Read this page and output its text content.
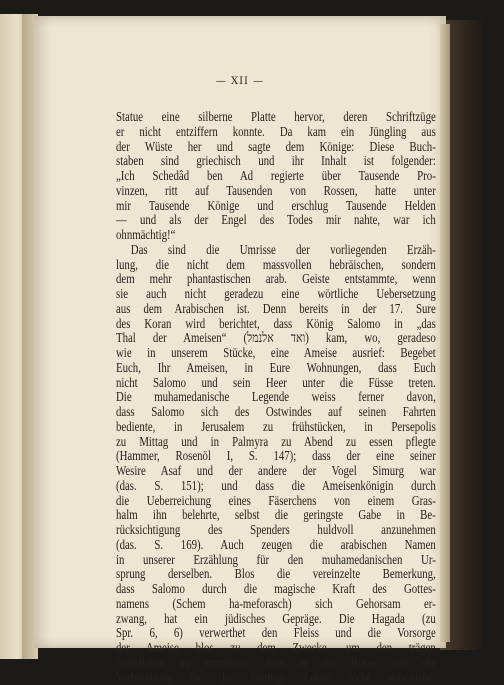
— XII —
Statue eine silberne Platte hervor, deren Schriftzüge
er nicht entziffern konnte. Da kam ein Jüngling aus
der Wüste her und sagte dem Könige: Diese Buch-
staben sind griechisch und ihr Inhalt ist folgender:
„Ich Schedâd ben Ad regierte über Tausende Pro-
vinzen, ritt auf Tausenden von Rossen, hatte unter
mir Tausende Könige und erschlug Tausende Helden
— und als der Engel des Todes mir nahte, war ich
ohnmächtig!“
Das sind die Umrisse der vorliegenden Erzäh-
lung, die nicht dem massvollen hebräischen, sondern
dem mehr phantastischen arab. Geiste entstammte, wenn
sie auch nicht geradezu eine wörtliche Uebersetzung
aus dem Arabischen ist. Denn bereits in der 17. Sure
des Koran wird berichtet, dass König Salomo in „das
Thal der Ameisen“ (ואד אלנמל) kam, wo, geradeso
wie in unserem Stücke, eine Ameise ausrief: Begebet
Euch, Ihr Ameisen, in Eure Wohnungen, dass Euch
nicht Salomo und sein Heer unter die Füsse treten.
Die muhamedanische Legende weiss ferner davon,
dass Salomo sich des Ostwindes auf seinen Fahrten
bediente, in Jerusalem zu frühstücken, in Persepolis
zu Mittag und in Palmyra zu Abend zu essen pflegte
(Hammer, Rosenöl I, S. 147); dass der eine seiner
Wesire Asaf und der andere der Vogel Simurg war
(das. S. 151); und dass die Ameisenkönigin durch
die Ueberreichung eines Fäserchens von einem Gras-
halm ihn belehrte, selbst die geringste Gabe in Be-
rücksichtigung des Spenders huldvoll anzunehmen
(das. S. 169). Auch zeugen die arabischen Namen
in unserer Erzählung für den muhamedanischen Ur-
sprung derselben. Blos die vereinzelte Bemerkung,
dass Salomo durch die magische Kraft des Gottes-
namens (Schem ha-meforasch) sich Gehorsam er-
zwang, hat ein jüdisches Gepräge. Die Hagada (zu
Spr. 6, 6) verwerthet den Fleiss und die Vorsorge
der Ameise blos zu dem Zwecke, um den trägen
Sterblichen zu ermahnen, dass er die Busse und die
Vorbereitung für das künftige Leben nicht aufschiebe,
